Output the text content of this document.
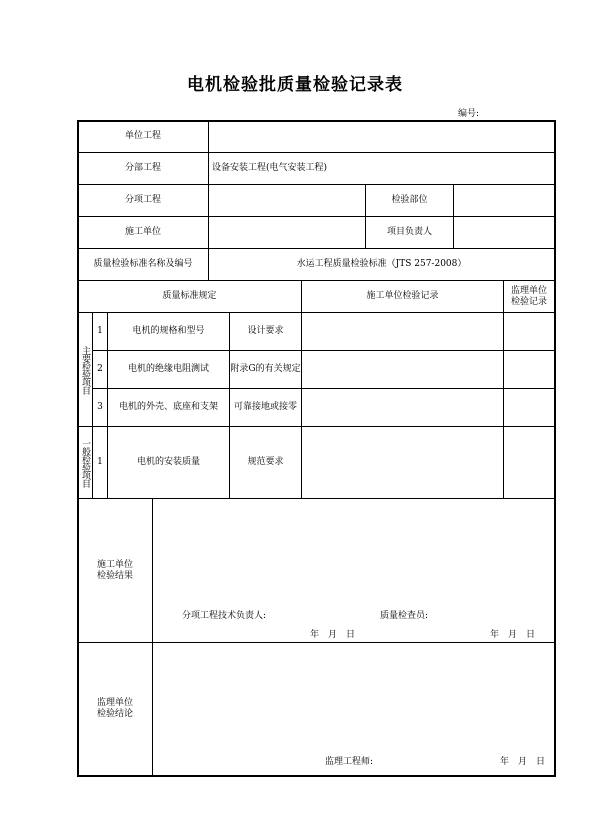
电机检验批质量检验记录表
编号:
单位工程
分部工程	设备安装工程(电气安装工程)
分项工程	检验部位
施工单位	项目负责人
质量检验标准名称及编号	水运工程质量检验标准（JTS 257-2008）
质量标准规定	施工单位检验记录
监理单位
检验记录
主要检验项目
1	电机的规格和型号	设计要求
2	电机的绝缘电阻测试	附录G的有关规定
3	电机的外壳、底座和支架	可靠接地或接零
一般检验项目 1	电机的安装质量	规范要求
施工单位
检验结果
分项工程技术负责人:	质量检查员:
年　月　日	年　月　日
监理单位
检验结论
监理工程师:	年　月　日
